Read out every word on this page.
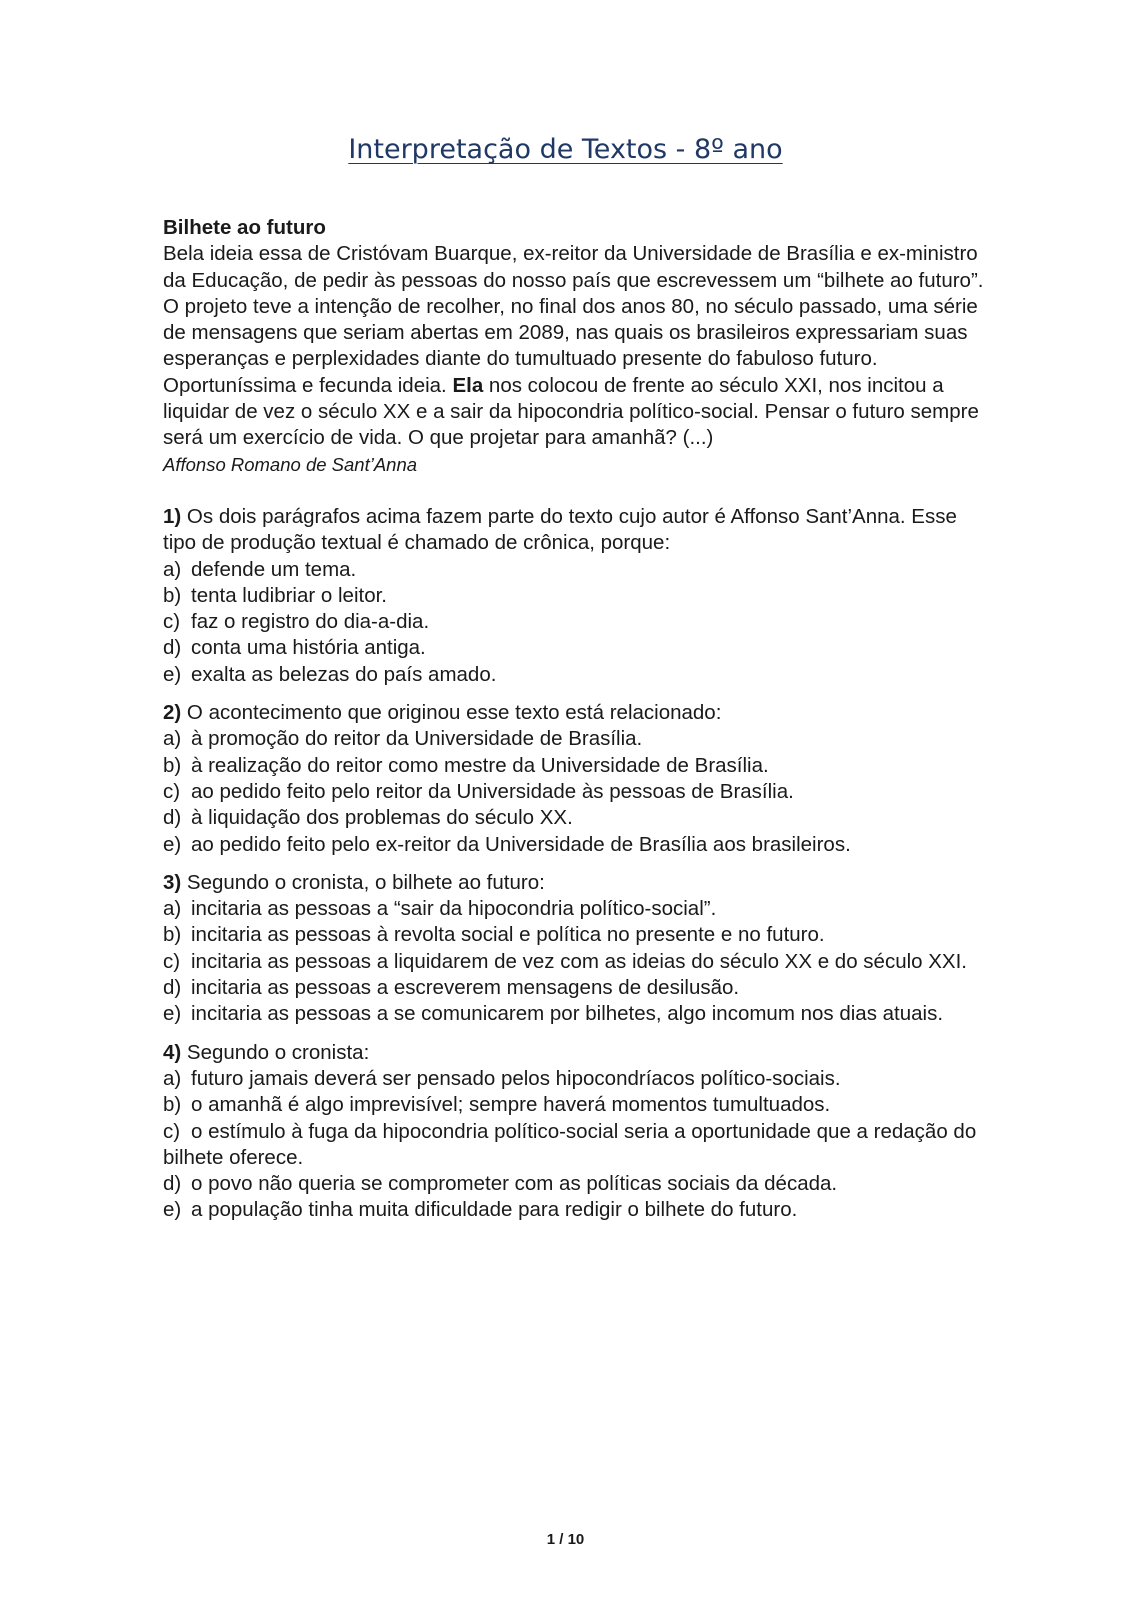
Interpretação de Textos - 8º ano

Bilhete ao futuro

Bela ideia essa de Cristóvam Buarque, ex-reitor da Universidade de Brasília e ex-ministro da Educação, de pedir às pessoas do nosso país que escrevessem um “bilhete ao futuro”. O projeto teve a intenção de recolher, no final dos anos 80, no século passado, uma série de mensagens que seriam abertas em 2089, nas quais os brasileiros expressariam suas esperanças e perplexidades diante do tumultuado presente do fabuloso futuro.

Oportuníssima e fecunda ideia. Ela nos colocou de frente ao século XXI, nos incitou a liquidar de vez o século XX e a sair da hipocondria político-social. Pensar o futuro sempre será um exercício de vida. O que projetar para amanhã? (...)

Affonso Romano de Sant’Anna

1) Os dois parágrafos acima fazem parte do texto cujo autor é Affonso Sant’Anna. Esse tipo de produção textual é chamado de crônica, porque:

a) defende um tema.

b) tenta ludibriar o leitor.

c) faz o registro do dia-a-dia.

d) conta uma história antiga.

e) exalta as belezas do país amado.

2) O acontecimento que originou esse texto está relacionado:

a) à promoção do reitor da Universidade de Brasília.

b) à realização do reitor como mestre da Universidade de Brasília.

c) ao pedido feito pelo reitor da Universidade às pessoas de Brasília.

d) à liquidação dos problemas do século XX.

e) ao pedido feito pelo ex-reitor da Universidade de Brasília aos brasileiros.

3) Segundo o cronista, o bilhete ao futuro:

a) incitaria as pessoas a “sair da hipocondria político-social”.

b) incitaria as pessoas à revolta social e política no presente e no futuro.

c) incitaria as pessoas a liquidarem de vez com as ideias do século XX e do século XXI.

d) incitaria as pessoas a escreverem mensagens de desilusão.

e) incitaria as pessoas a se comunicarem por bilhetes, algo incomum nos dias atuais.

4) Segundo o cronista:

a) futuro jamais deverá ser pensado pelos hipocondríacos político-sociais.

b) o amanhã é algo imprevisível; sempre haverá momentos tumultuados.

c) o estímulo à fuga da hipocondria político-social seria a oportunidade que a redação do bilhete oferece.

d) o povo não queria se comprometer com as políticas sociais da década.

e) a população tinha muita dificuldade para redigir o bilhete do futuro.

1 / 10
